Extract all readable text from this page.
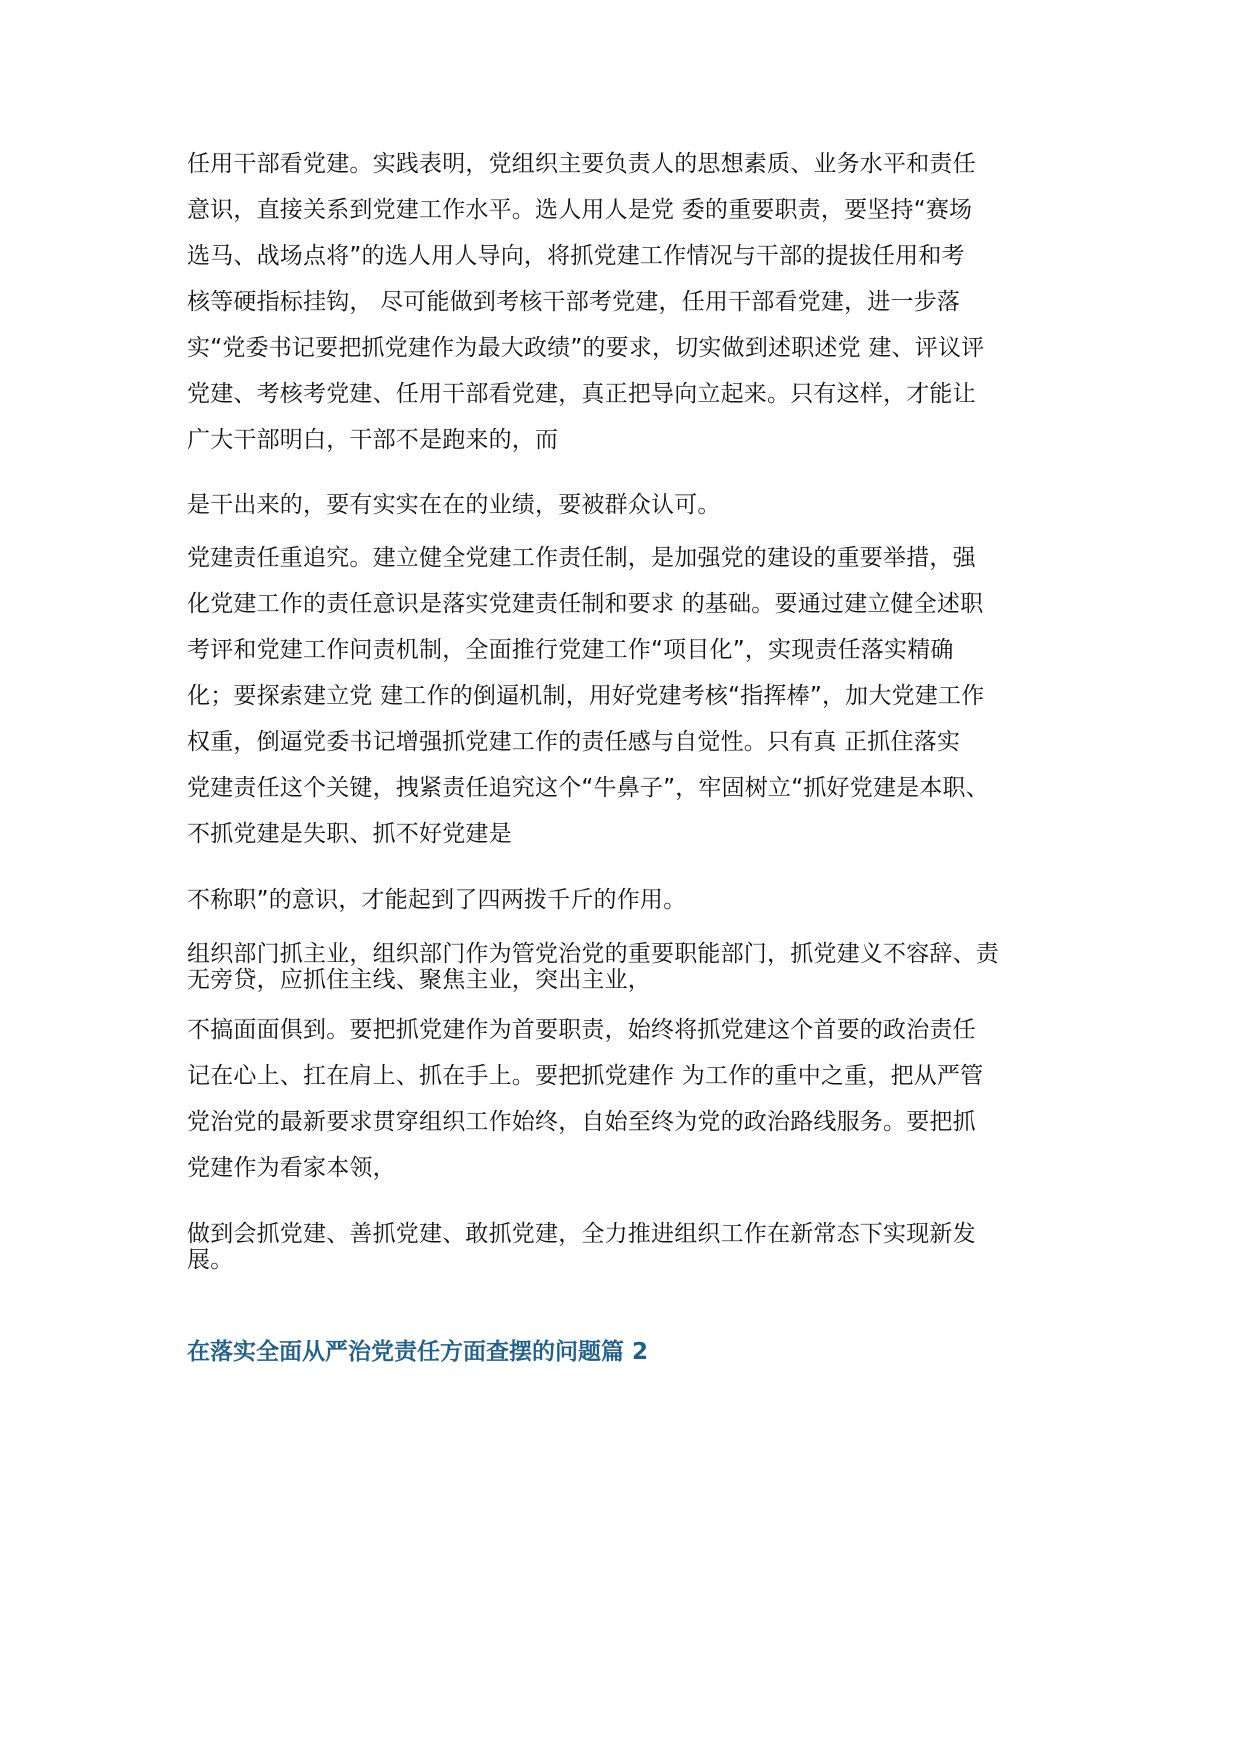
任用干部看党建。实践表明，党组织主要负责人的思想素质、业务水平和责任
意识，直接关系到党建工作水平。选人用人是党 委的重要职责，要坚持“赛场
选马、战场点将”的选人用人导向，将抓党建工作情况与干部的提拔任用和考
核等硬指标挂钩， 尽可能做到考核干部考党建，任用干部看党建，进一步落
实“党委书记要把抓党建作为最大政绩”的要求，切实做到述职述党 建、评议评
党建、考核考党建、任用干部看党建，真正把导向立起来。只有这样，才能让
广大干部明白，干部不是跑来的，而
是干出来的，要有实实在在的业绩，要被群众认可。
党建责任重追究。建立健全党建工作责任制，是加强党的建设的重要举措，强
化党建工作的责任意识是落实党建责任制和要求 的基础。要通过建立健全述职
考评和党建工作问责机制，全面推行党建工作“项目化”，实现责任落实精确
化；要探索建立党 建工作的倒逼机制，用好党建考核“指挥棒”，加大党建工作
权重，倒逼党委书记增强抓党建工作的责任感与自觉性。只有真 正抓住落实
党建责任这个关键，拽紧责任追究这个“牛鼻子”，牢固树立“抓好党建是本职、
不抓党建是失职、抓不好党建是
不称职”的意识，才能起到了四两拨千斤的作用。
组织部门抓主业，组织部门作为管党治党的重要职能部门，抓党建义不容辞、责
无旁贷，应抓住主线、聚焦主业，突出主业，
不搞面面俱到。要把抓党建作为首要职责，始终将抓党建这个首要的政治责任
记在心上、扛在肩上、抓在手上。要把抓党建作 为工作的重中之重，把从严管
党治党的最新要求贯穿组织工作始终，自始至终为党的政治路线服务。要把抓
党建作为看家本领，
做到会抓党建、善抓党建、敢抓党建，全力推进组织工作在新常态下实现新发
展。
在落实全面从严治党责任方面查摆的问题篇 2
